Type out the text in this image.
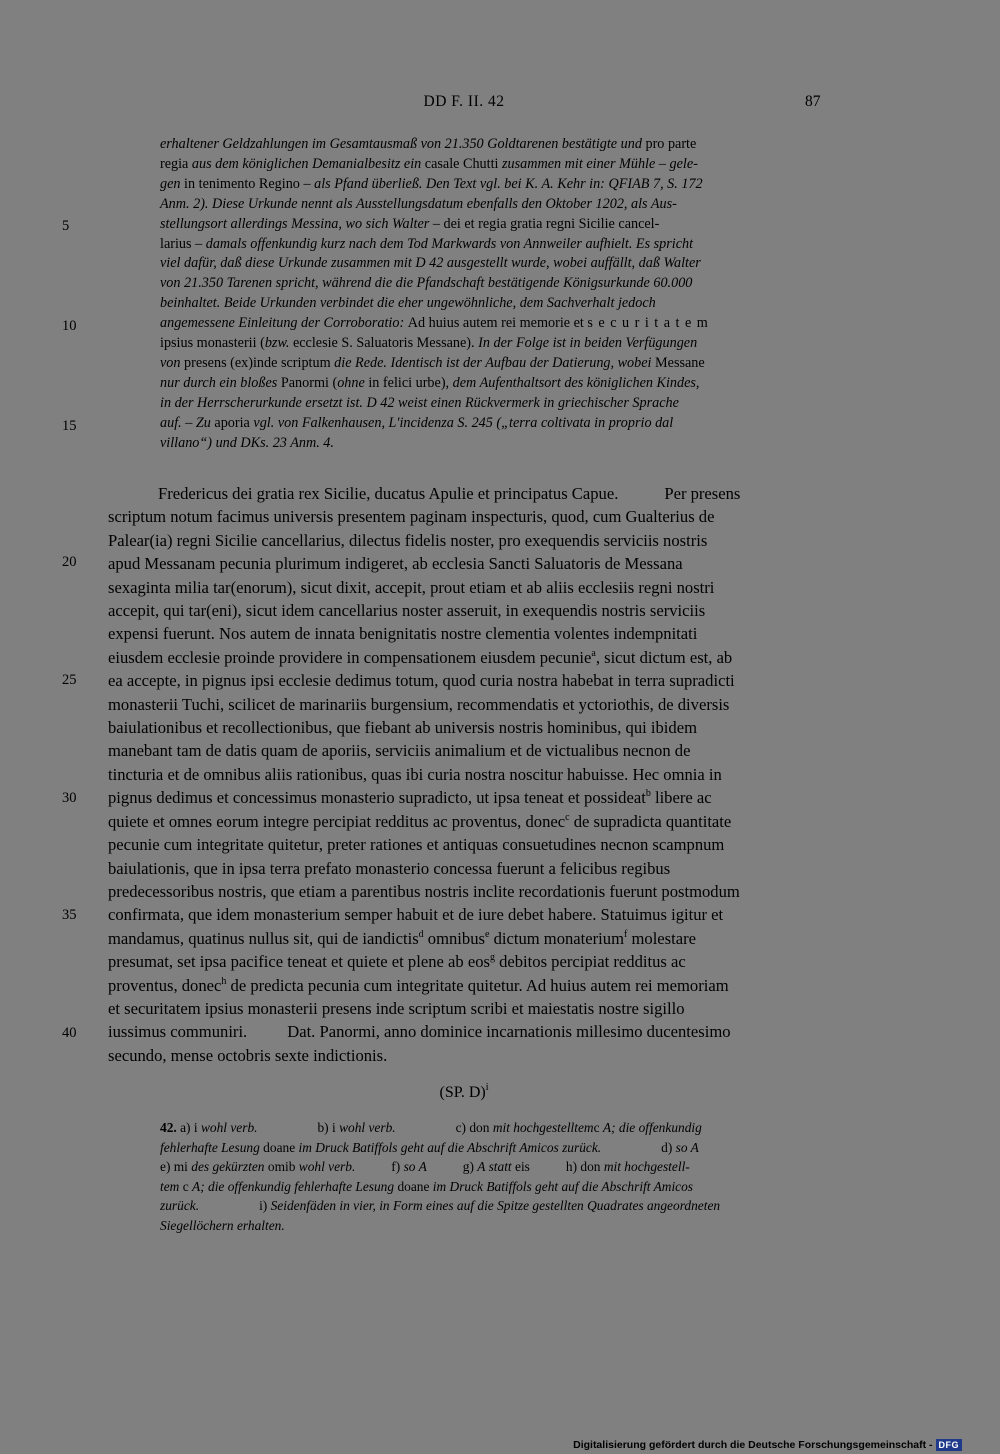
DD F. II. 42	87
5
10
15
20
25
30
35
40
erhaltener Geldzahlungen im Gesamtausmaß von 21.350 Goldtarenen bestätigte und pro parte
regia aus dem königlichen Demanialbesitz ein casale Chutti zusammen mit einer Mühle – gele-
gen in tenimento Regino – als Pfand überließ. Den Text vgl. bei K. A. Kehr in: QFIAB 7, S. 172
Anm. 2). Diese Urkunde nennt als Ausstellungsdatum ebenfalls den Oktober 1202, als Aus-
stellungsort allerdings Messina, wo sich Walter – dei et regia gratia regni Sicilie cancel-
larius – damals offenkundig kurz nach dem Tod Markwards von Annweiler aufhielt. Es spricht
viel dafür, daß diese Urkunde zusammen mit D 42 ausgestellt wurde, wobei auffällt, daß Walter
von 21.350 Tarenen spricht, während die die Pfandschaft bestätigende Königsurkunde 60.000
beinhaltet. Beide Urkunden verbindet die eher ungewöhnliche, dem Sachverhalt jedoch
angemessene Einleitung der Corroboratio: Ad huius autem rei memorie et securitatem
ipsius monasterii (bzw. ecclesie S. Saluatoris Messane). In der Folge ist in beiden Verfügungen
von presens (ex)inde scriptum die Rede. Identisch ist der Aufbau der Datierung, wobei Messane
nur durch ein bloßes Panormi (ohne in felici urbe), dem Aufenthaltsort des königlichen Kindes,
in der Herrscherurkunde ersetzt ist. D 42 weist einen Rückvermerk in griechischer Sprache
auf. – Zu aporia vgl. von Falkenhausen, L'incidenza S. 245 („terra coltivata in proprio dal
villano“) und DKs. 23 Anm. 4.
Fredericus dei gratia rex Sicilie, ducatus Apulie et principatus Capue.	Per presens
scriptum notum facimus universis presentem paginam inspecturis, quod, cum Gualterius de
Palear(ia) regni Sicilie cancellarius, dilectus fidelis noster, pro exequendis serviciis nostris
apud Messanam pecunia plurimum indigeret, ab ecclesia Sancti Saluatoris de Messana
sexaginta milia tar(enorum), sicut dixit, accepit, prout etiam et ab aliis ecclesiis regni nostri
accepit, qui tar(eni), sicut idem cancellarius noster asseruit, in exequendis nostris serviciis
expensi fuerunt. Nos autem de innata benignitatis nostre clementia volentes indempnitati
eiusdem ecclesie proinde providere in compensationem eiusdem pecunie$^a$, sicut dictum est, ab
ea accepte, in pignus ipsi ecclesie dedimus totum, quod curia nostra habebat in terra supradicti
monasterii Tuchi, scilicet de marinariis burgensium, recommendatis et yctoriothis, de diversis
baiulationibus et recollectionibus, que fiebant ab universis nostris hominibus, qui ibidem
manebant tam de datis quam de aporiis, serviciis animalium et de victualibus necnon de
tincturia et de omnibus aliis rationibus, quas ibi curia nostra noscitur habuisse. Hec omnia in
pignus dedimus et concessimus monasterio supradicto, ut ipsa teneat et possideat$^b$ libere ac
quiete et omnes eorum integre percipiat redditus ac proventus, donec$^c$ de supradicta quantitate
pecunie cum integritate quitetur, preter rationes et antiquas consuetudines necnon scampnum
baiulationis, que in ipsa terra prefato monasterio concessa fuerunt a felicibus regibus
predecessoribus nostris, que etiam a parentibus nostris inclite recordationis fuerunt postmodum
confirmata, que idem monasterium semper habuit et de iure debet habere. Statuimus igitur et
mandamus, quatinus nullus sit, qui de iandictis$^d$ omnibus$^e$ dictum monaterium$^f$ molestare
presumat, set ipsa pacifice teneat et quiete et plene ab eos$^g$ debitos percipiat redditus ac
proventus, donec$^h$ de predicta pecunia cum integritate quitetur. Ad huius autem rei memoriam
et securitatem ipsius monasterii presens inde scriptum scribi et maiestatis nostre sigillo
iussimus communiri. Dat. Panormi, anno dominice incarnationis millesimo ducentesimo
secundo, mense octobris sexte indictionis.
(SP. D)$^i$
42. a) i wohl verb.	b) i wohl verb.	c) don mit hochgestelltemc A; die offenkundig
fehlerhafte Lesung doane im Druck Batiffols geht auf die Abschrift Amicos zurück.	d) so A
e) mi des gekürzten omib wohl verb.	f) so A	g) A statt eis	h) don mit hochgestell-
tem c A; die offenkundig fehlerhafte Lesung doane im Druck Batiffols geht auf die Abschrift Amicos
zurück.	i) Seidenfäden in vier, in Form eines auf die Spitze gestellten Quadrates angeordneten
Siegellöchern erhalten.
Digitalisierung gefördert durch die Deutsche Forschungsgemeinschaft - DFG
